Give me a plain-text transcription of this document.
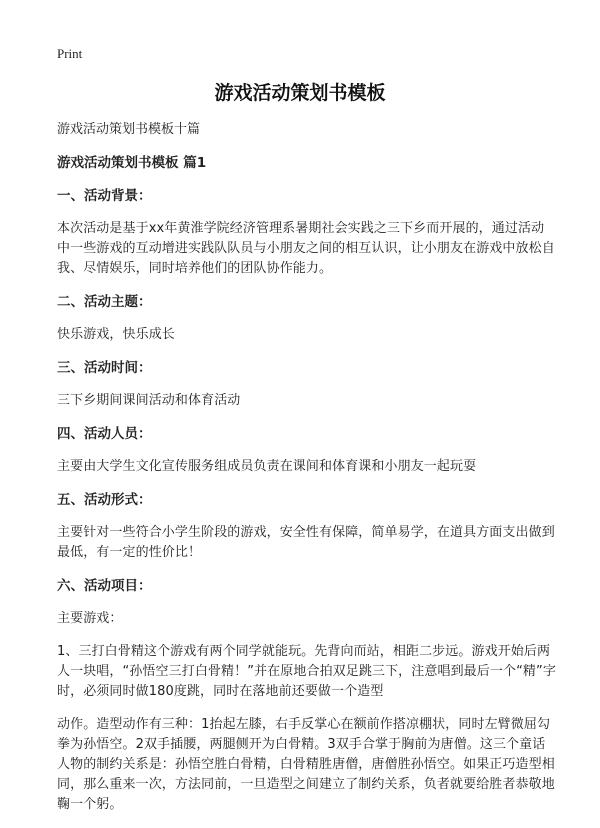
Print
游戏活动策划书模板

游戏活动策划书模板十篇

游戏活动策划书模板 篇1

一、活动背景：

本次活动是基于xx年黄淮学院经济管理系暑期社会实践之三下乡而开展的，通过活动中一些游戏的互动增进实践队队员与小朋友之间的相互认识，让小朋友在游戏中放松自我、尽情娱乐，同时培养他们的团队协作能力。

二、活动主题：

快乐游戏，快乐成长

三、活动时间：

三下乡期间课间活动和体育活动

四、活动人员：

主要由大学生文化宣传服务组成员负责在课间和体育课和小朋友一起玩耍

五、活动形式：

主要针对一些符合小学生阶段的游戏，安全性有保障，简单易学，在道具方面支出做到最低，有一定的性价比！

六、活动项目：

主要游戏：

1、三打白骨精这个游戏有两个同学就能玩。先背向而站，相距二步远。游戏开始后两人一块唱，“孙悟空三打白骨精！”并在原地合拍双足跳三下，注意唱到最后一个“精”字时，必须同时做180度跳，同时在落地前还要做一个造型

动作。造型动作有三种：1抬起左膝，右手反掌心在额前作搭凉棚状，同时左臂微屈勾拳为孙悟空。2双手插腰，两腿侧开为白骨精。3双手合掌于胸前为唐僧。这三个童话人物的制约关系是：孙悟空胜白骨精，白骨精胜唐僧，唐僧胜孙悟空。如果正巧造型相同，那么重来一次，方法同前，一旦造型之间建立了制约关系，负者就要给胜者恭敬地鞠一个躬。
